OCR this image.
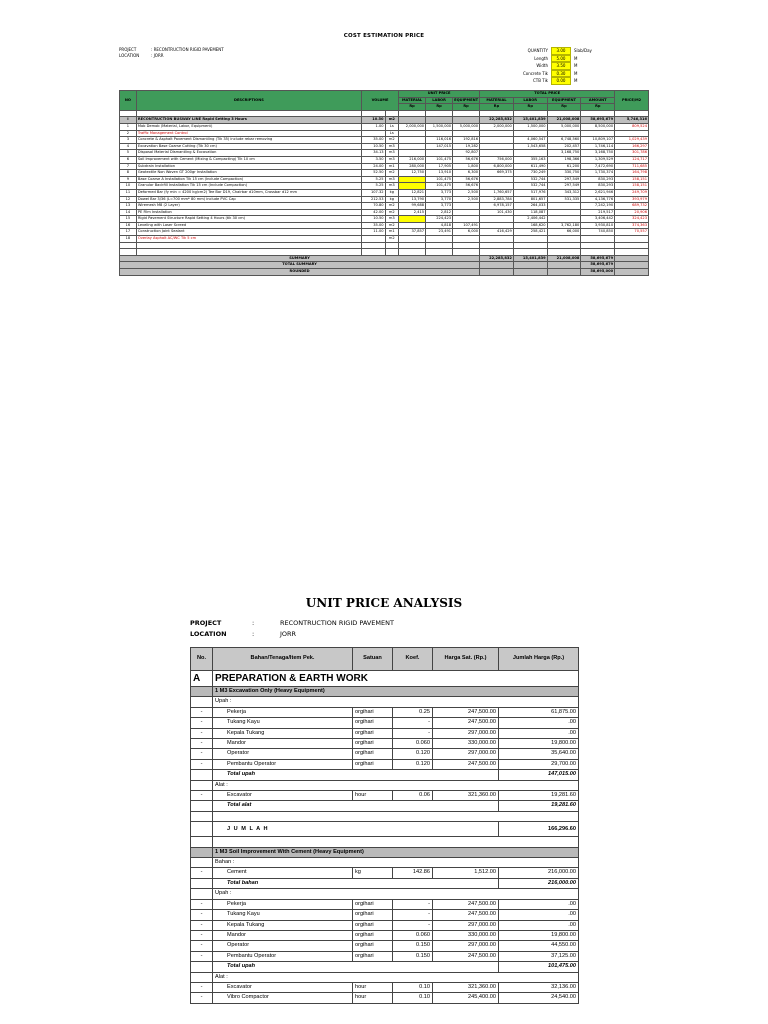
COST ESTIMATION PRICE
PROJECT	: RECONTRUCTION RIGID PAVEMENT
LOCATION	: JORR
QUANTITY	3.00	Slab/Day
Length	5.00	M
Width	3.50	M
Concrete Tik	0.30	M
CTB Tik	0.00	M
NO	DESCRIPTIONS	VOLUME		UNIT PRICE			TOTAL PRICE				PRICE/M2
				MATERIAL	LABOR	EQUIPMENT	MATERIAL	LABOR	EQUIPMENT	AMOUNT	
				Rp	Rp	Rp	Rp	Rp	Rp	Rp	

I	RECONTRUCTION BUSWAY LINE Rapid Setting 3 Hours	10.50	m2				22,285,832	15,401,839	21,008,008	58,695,679	5,746,316
1	Mob Demob (Material, Labor, Equipment)	1.00	Ls	2,000,000	1,500,000	5,000,000	2,000,000	1,500,000	5,000,000	8,500,000	809,524
2	Traffic Management Control		Ls								
3	Concrete & Asphalt Pavement Dismantling (Tik 35) include rebar removing	35.00	m2		116,016	192,816		4,060,547	6,748,560	10,809,107	1,029,439
4	Excavation Base Coarse Cutting (Tik 30 cm)	10.50	m3		147,015	19,282		1,543,658	202,457	1,746,114	166,297
5	Disposal Material Dismantling & Excavation	34.13	m3			92,807			3,168,750	3,168,750	301,786
6	Soil Improvement with Cement (Mixing & Compacting) Tik 10 cm	3.50	m3	216,000	101,475	56,676	756,000	355,163	198,366	1,309,529	124,717
7	Subdrain Installation	24.00	m1	280,000	17,905	1,800	6,800,000	611,490	61,200	7,472,690	711,685
8	Geotextile Non Woven GT 200gr Installation	52.50	m2	12,750	13,910	6,300	669,375	730,249	330,750	1,730,374	164,798
9	Base Coarse A Installation Tik 15 cm (Include Compaction)	5.25	m3		101,475	56,676		532,744	297,549	830,293	158,151
10	Granular Backfill Installation Tik 15 cm (Include Compaction)	5.25	m3		101,475	56,676		532,744	297,549	830,293	158,151
11	Deformed Bar (fy min = 4200 kg/cm2) Tee Bar D19, Chairbar d10mm, Crossbar d12 mm	107.32	kg	12,821	3,773	2,500	1,760,657	517,976	343,312	2,621,946	249,709
12	Dowel Bar 3/36 (L=700 mm* 80 mm) include PVC Cap	212.53	kg	13,790	3,770	2,500	2,883,784	801,657	531,335	4,136,776	393,979
13	Wiremesh M8 (2 Layer)	70.80	m2	99,688	3,773		6,978,157	264,033		7,242,190	689,732
14	PE Film Installation	42.00	m2	2,415	2,812		101,430	118,087		219,517	20,906
15	Rigid Pavement Structure Rapid Setting 4 Hours (tik 30 cm)	10.50	m3		224,423			2,406,442		3,406,442	324,423
16	Leveling with Laser Screed	35.00	m2		4,818	107,491		168,620	3,762,180	3,930,810	374,363
17	Construction Joint Sealant	11.00	m1	37,857	23,491	6,000	416,429	258,421	66,000	740,850	70,557
18	Overlay Asphalt AC/WC Tik 5 cm		m2								

SUMMARY							22,285,832	15,401,839	21,008,008	58,695,679	
TOTAL SUMMARY										58,695,679	
ROUNDED										58,695,000	
UNIT PRICE ANALYSIS
PROJECT	:	RECONTRUCTION RIGID PAVEMENT
LOCATION	:	JORR
No.	Bahan/Tenaga/Item Pek.	Satuan	Koef.	Harga Sat. (Rp.)	Jumlah Harga (Rp.)
A	PREPARATION & EARTH WORK				
	1 M3 Excavation Only (Heavy Equipment)				
	Upah :				
-	Pekerja	orgihari	0.25	247,500.00	61,875.00
-	Tukang Kayu	orgihari	-	247,500.00	.00
-	Kepala Tukang	orgihari	-	297,000.00	.00
-	Mandor	orgihari	0.060	330,000.00	19,800.00
-	Operator	orgihari	0.120	297,000.00	35,640.00
-	Pembantu Operator	orgihari	0.120	247,500.00	29,700.00
	Total upah				147,015.00
	Alat :				
-	Excavator	hour	0.06	321,360.00	19,281.60
	Total alat				19,281.60

	J U M L A H				166,296.60

	1 M3 Soil Improvement With Cement (Heavy Equipment)				
	Bahan :				
-	Cement	kg	142.86	1,512.00	216,000.00
	Total bahan				216,000.00
	Upah :				
-	Pekerja	orgihari	-	247,500.00	.00
-	Tukang Kayu	orgihari	-	247,500.00	.00
-	Kepala Tukang	orgihari	-	297,000.00	.00
-	Mandor	orgihari	0.060	330,000.00	19,800.00
-	Operator	orgihari	0.150	297,000.00	44,550.00
-	Pembantu Operator	orgihari	0.150	247,500.00	37,125.00
	Total upah				101,475.00
	Alat :				
-	Excavator	hour	0.10	321,360.00	32,136.00
-	Vibro Compactor	hour	0.10	245,400.00	24,540.00
